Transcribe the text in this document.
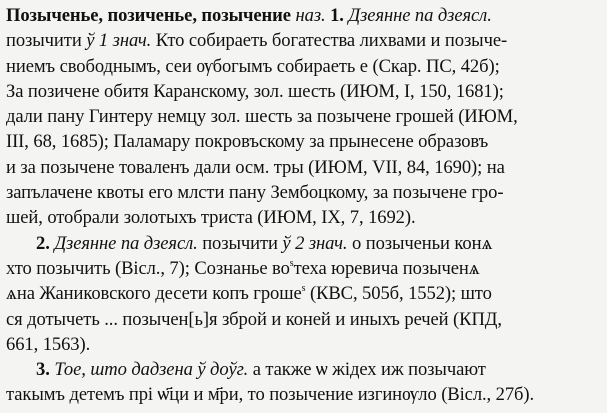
Позыченье, позиченье, позычение наз. 1. Дзеянне па дзеясл.
позычити ў 1 знач. Кто собираеть богатества лихвами и позыче-
ниемъ свободнымъ, сеи ѹбогымъ собираеть е (Скар. ПС, 42б);
За позичене обитя Каранскому, зол. шесть (ИЮМ, I, 150, 1681);
дали пану Гинтеру немцу зол. шесть за позычене грошей (ИЮМ,
III, 68, 1685); Паламару покровъскому за прынесене образовъ
и за позычене товаленъ дали осм. тры (ИЮМ, VII, 84, 1690); на
запълачене квоты его млсти пану Зембоцкому, за позычене гро-
шей, отобрали золотыхъ триста (ИЮМ, IX, 7, 1692).
2. Дзеянне па дзеясл. позычити ў 2 знач. о позыченьи конѧ
хто позычить (Вісл., 7); Сознанье $во^sтеха$ юревича позыченѧ
ѧна Жаниковского десети копъ гроше$^s$ (КВС, 505б, 1552); што
ся дотычеть ... позычен[ь]я зброй и коней и иныхъ речей (КПД,
661, 1563).
3. Тое, што дадзена ў доўг. а также ѡ жідех иж позычают
такымъ детемъ прі ѡ҃ци и м҃ри, то позычение изгинѹло (Вісл., 27б).
